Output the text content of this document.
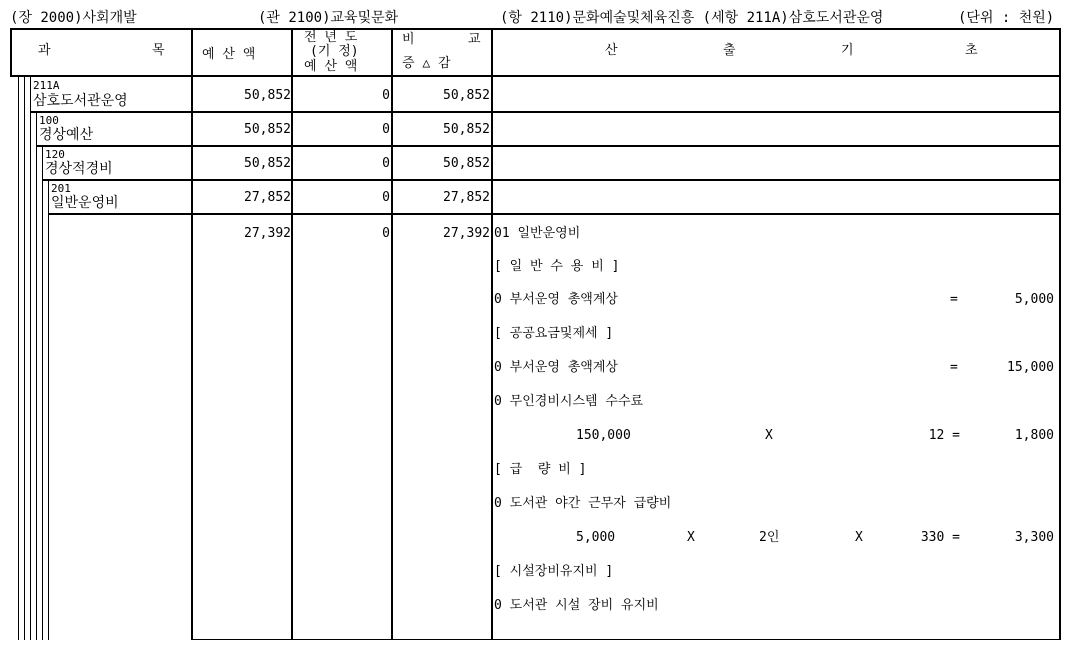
(장 2000)사회개발	(관 2100)교육및문화	(항 2110)문화예술및체육진흥 (세항 211A)삼호도서관운영	(단위 : 천원)
과	목	예 산 액
전 년 도
(기 정)
예 산 액
비	교
증 △ 감
산	출	기	초
211A
삼호도서관운영	50,852	0	50,852
100
경상예산	50,852	0	50,852
120
경상적경비	50,852	0	50,852
201
일반운영비	27,852	0	27,852
27,392	0	27,392 01 일반운영비
[ 일 반 수 용 비 ]
0 부서운영 총액계상	=	5,000
[ 공공요금및제세 ]
0 부서운영 총액계상	=	15,000
0 무인경비시스템 수수료
150,000	X	12 =	1,800
[ 급  량 비 ]
0 도서관 야간 근무자 급량비
5,000	X	2인	X	330 =	3,300
[ 시설장비유지비 ]
0 도서관 시설 장비 유지비
